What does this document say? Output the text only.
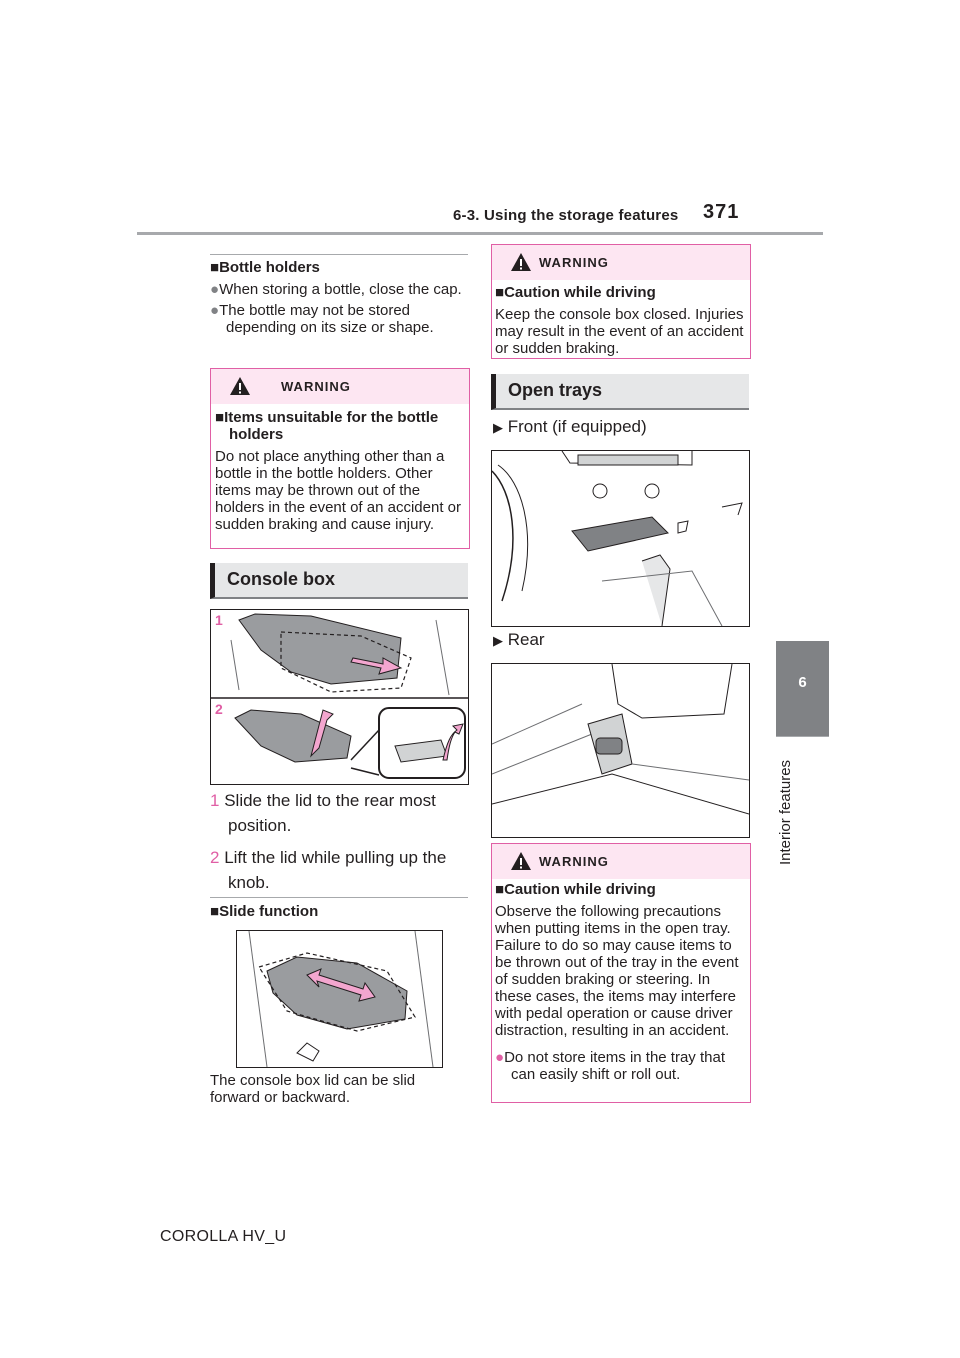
6-3. Using the storage features 371
6
Interior features
■Bottle holders
●When storing a bottle, close the cap.
●The bottle may not be stored depending on its size or shape.
WARNING
■Items unsuitable for the bottle holders
Do not place anything other than a bottle in the bottle holders. Other items may be thrown out of the holders in the event of an accident or sudden braking and cause injury.
Console box
1
2
1 Slide the lid to the rear most position.
2 Lift the lid while pulling up the knob.
■Slide function
The console box lid can be slid forward or backward.
WARNING
■Caution while driving
Keep the console box closed. Injuries may result in the event of an accident or sudden braking.
Open trays
▶ Front (if equipped)
▶ Rear
WARNING
■Caution while driving
Observe the following precautions when putting items in the open tray. Failure to do so may cause items to be thrown out of the tray in the event of sudden braking or steering. In these cases, the items may interfere with pedal operation or cause driver distraction, resulting in an accident.
●Do not store items in the tray that can easily shift or roll out.
COROLLA HV_U
